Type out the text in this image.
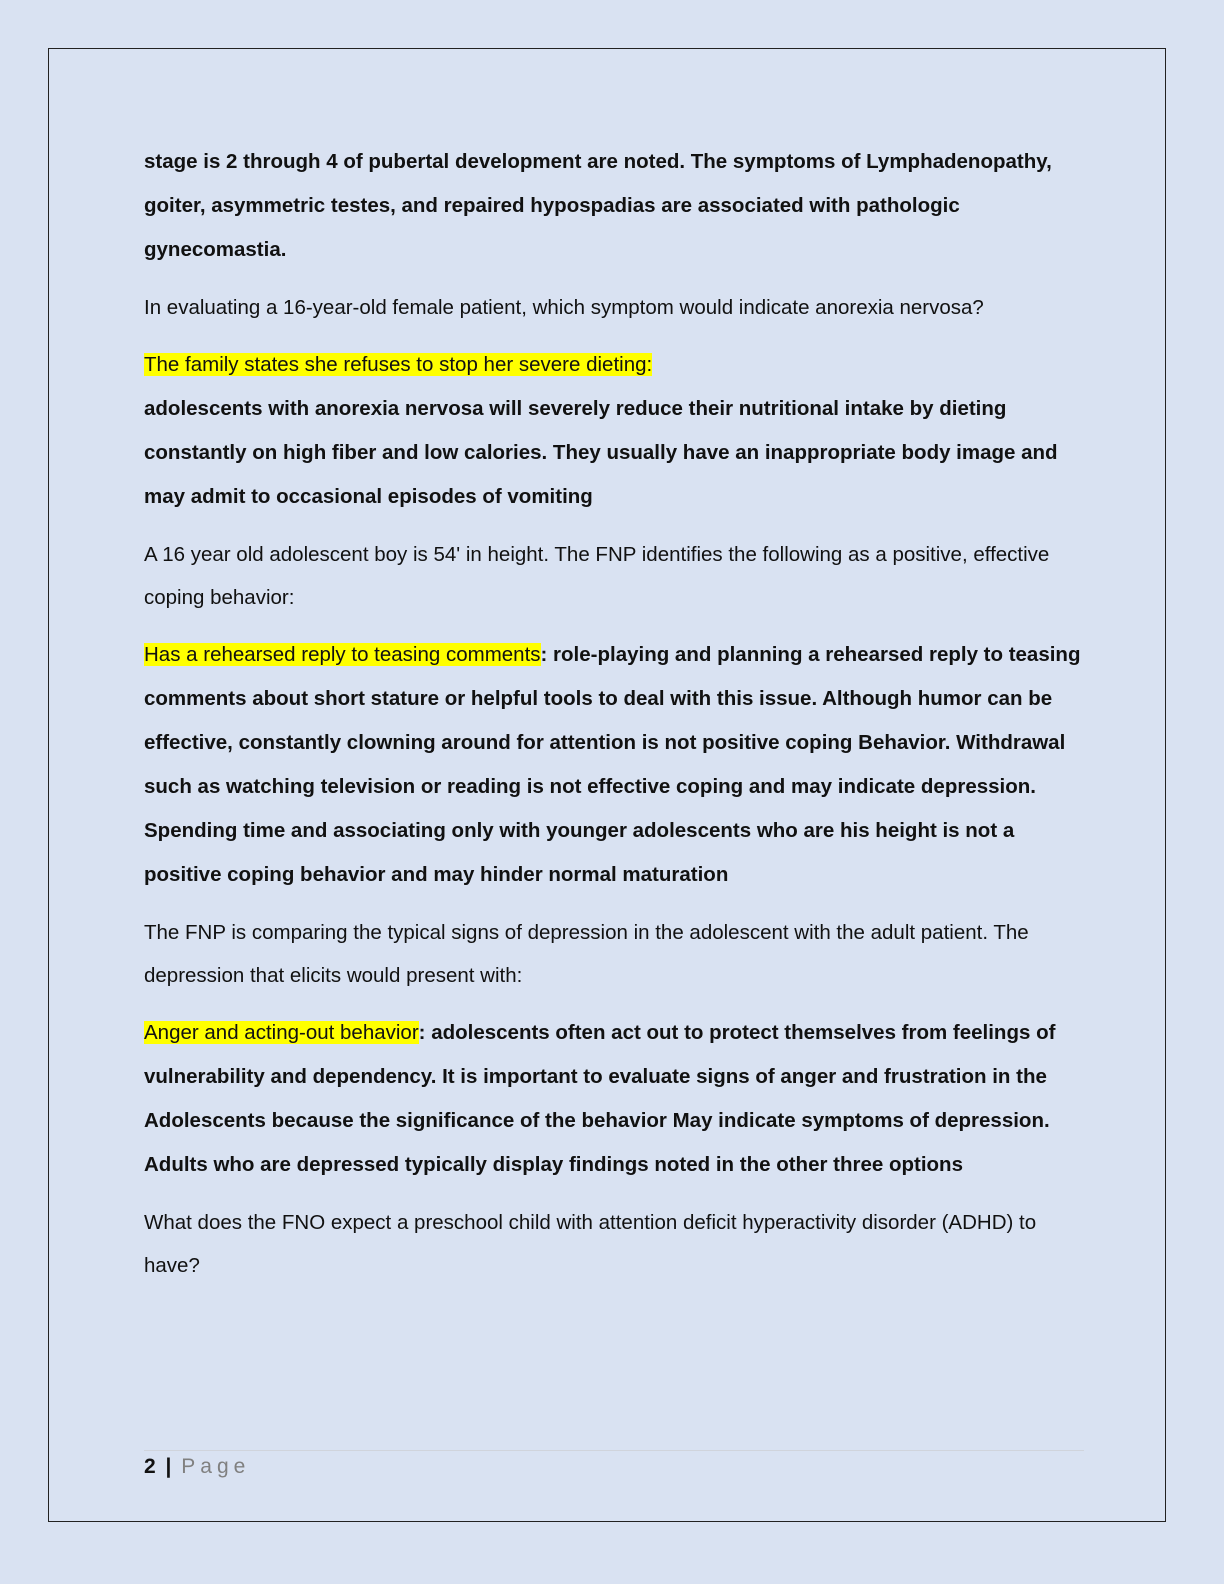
stage is 2 through 4 of pubertal development are noted. The symptoms of Lymphadenopathy, goiter, asymmetric testes, and repaired hypospadias are associated with pathologic gynecomastia.

In evaluating a 16-year-old female patient, which symptom would indicate anorexia nervosa?

The family states she refuses to stop her severe dieting:
adolescents with anorexia nervosa will severely reduce their nutritional intake by dieting constantly on high fiber and low calories. They usually have an inappropriate body image and may admit to occasional episodes of vomiting

A 16 year old adolescent boy is 54' in height. The FNP identifies the following as a positive, effective coping behavior:

Has a rehearsed reply to teasing comments: role-playing and planning a rehearsed reply to teasing comments about short stature or helpful tools to deal with this issue. Although humor can be effective, constantly clowning around for attention is not positive coping Behavior. Withdrawal such as watching television or reading is not effective coping and may indicate depression. Spending time and associating only with younger adolescents who are his height is not a positive coping behavior and may hinder normal maturation

The FNP is comparing the typical signs of depression in the adolescent with the adult patient. The depression that elicits would present with:

Anger and acting-out behavior: adolescents often act out to protect themselves from feelings of vulnerability and dependency. It is important to evaluate signs of anger and frustration in the Adolescents because the significance of the behavior May indicate symptoms of depression. Adults who are depressed typically display findings noted in the other three options

What does the FNO expect a preschool child with attention deficit hyperactivity disorder (ADHD) to have?

2 | Page
